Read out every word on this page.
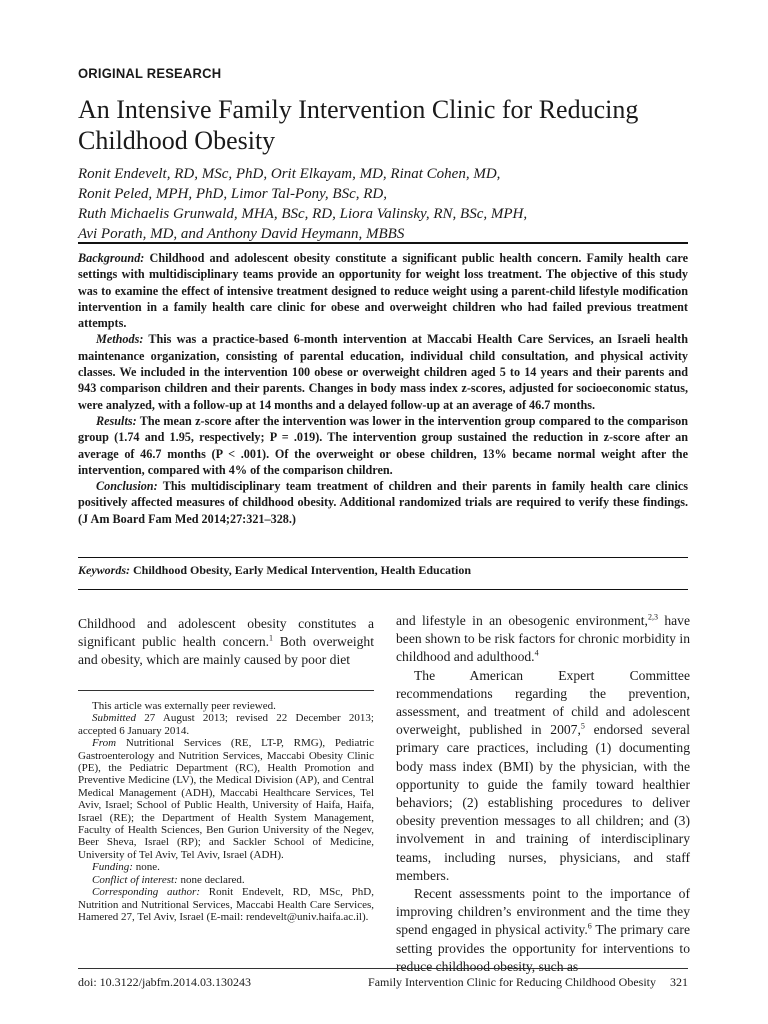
ORIGINAL RESEARCH
An Intensive Family Intervention Clinic for Reducing Childhood Obesity
Ronit Endevelt, RD, MSc, PhD, Orit Elkayam, MD, Rinat Cohen, MD,
Ronit Peled, MPH, PhD, Limor Tal-Pony, BSc, RD,
Ruth Michaelis Grunwald, MHA, BSc, RD, Liora Valinsky, RN, BSc, MPH,
Avi Porath, MD, and Anthony David Heymann, MBBS

Background: Childhood and adolescent obesity constitute a significant public health concern. Family health care settings with multidisciplinary teams provide an opportunity for weight loss treatment. The objective of this study was to examine the effect of intensive treatment designed to reduce weight using a parent-child lifestyle modification intervention in a family health care clinic for obese and overweight children who had failed previous treatment attempts.

Methods: This was a practice-based 6-month intervention at Maccabi Health Care Services, an Israeli health maintenance organization, consisting of parental education, individual child consultation, and physical activity classes. We included in the intervention 100 obese or overweight children aged 5 to 14 years and their parents and 943 comparison children and their parents. Changes in body mass index z-scores, adjusted for socioeconomic status, were analyzed, with a follow-up at 14 months and a delayed follow-up at an average of 46.7 months.

Results: The mean z-score after the intervention was lower in the intervention group compared to the comparison group (1.74 and 1.95, respectively; P = .019). The intervention group sustained the reduction in z-score after an average of 46.7 months (P < .001). Of the overweight or obese children, 13% became normal weight after the intervention, compared with 4% of the comparison children.

Conclusion: This multidisciplinary team treatment of children and their parents in family health care clinics positively affected measures of childhood obesity. Additional randomized trials are required to verify these findings. (J Am Board Fam Med 2014;27:321–328.)

Keywords: Childhood Obesity, Early Medical Intervention, Health Education

Childhood and adolescent obesity constitutes a significant public health concern.$^1$ Both overweight and obesity, which are mainly caused by poor diet

This article was externally peer reviewed.

Submitted 27 August 2013; revised 22 December 2013; accepted 6 January 2014.

From Nutritional Services (RE, LT-P, RMG), Pediatric Gastroenterology and Nutrition Services, Maccabi Obesity Clinic (PE), the Pediatric Department (RC), Health Promotion and Preventive Medicine (LV), the Medical Division (AP), and Central Medical Management (ADH), Maccabi Healthcare Services, Tel Aviv, Israel; School of Public Health, University of Haifa, Haifa, Israel (RE); the Department of Health System Management, Faculty of Health Sciences, Ben Gurion University of the Negev, Beer Sheva, Israel (RP); and Sackler School of Medicine, University of Tel Aviv, Tel Aviv, Israel (ADH).

Funding: none.

Conflict of interest: none declared.

Corresponding author: Ronit Endevelt, RD, MSc, PhD, Nutrition and Nutritional Services, Maccabi Health Care Services, Hamered 27, Tel Aviv, Israel (E-mail: rendevelt@univ.haifa.ac.il).

and lifestyle in an obesogenic environment,$^{2,3}$ have been shown to be risk factors for chronic morbidity in childhood and adulthood.$^4$

The American Expert Committee recommendations regarding the prevention, assessment, and treatment of child and adolescent overweight, published in 2007,$^5$ endorsed several primary care practices, including (1) documenting body mass index (BMI) by the physician, with the opportunity to guide the family toward healthier behaviors; (2) establishing procedures to deliver obesity prevention messages to all children; and (3) involvement in and training of interdisciplinary teams, including nurses, physicians, and staff members.

Recent assessments point to the importance of improving children’s environment and the time they spend engaged in physical activity.$^6$ The primary care setting provides the opportunity for interventions to reduce childhood obesity, such as

doi: 10.3122/jabfm.2014.03.130243	Family Intervention Clinic for Reducing Childhood Obesity 321
